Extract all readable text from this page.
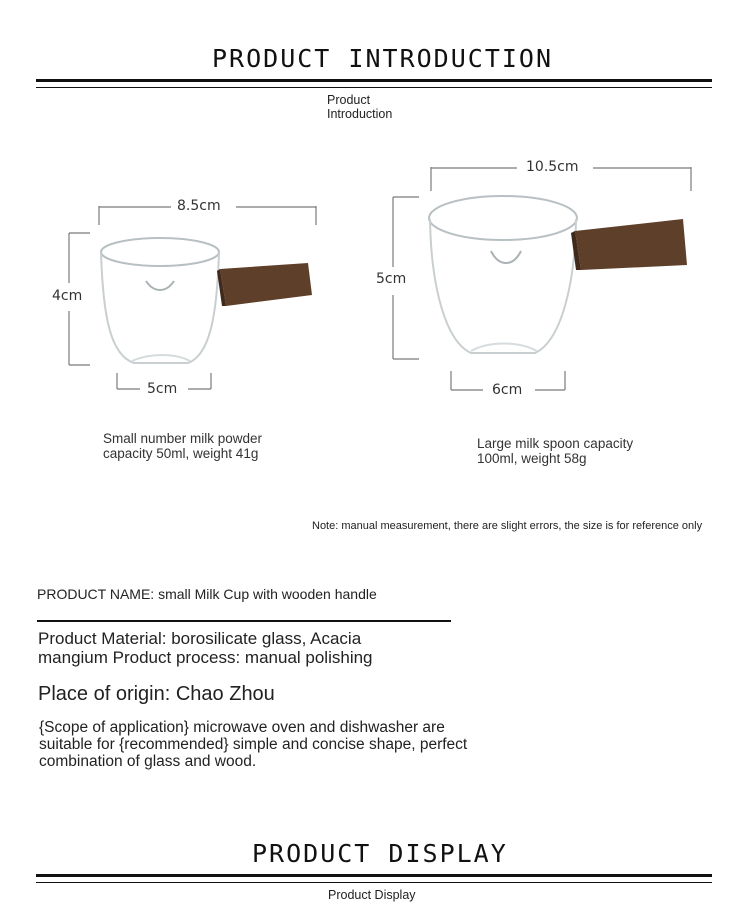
PRODUCT INTRODUCTION
Product
Introduction
8.5cm
4cm
5cm
10.5cm
5cm
6cm
Small number milk powder capacity 50ml, weight 41g
Large milk spoon capacity 100ml, weight 58g
Note: manual measurement, there are slight errors, the size is for reference only
PRODUCT NAME: small Milk Cup with wooden handle
Product Material: borosilicate glass, Acacia mangium Product process: manual polishing
Place of origin: Chao Zhou
{Scope of application} microwave oven and dishwasher are suitable for {recommended} simple and concise shape, perfect combination of glass and wood.
PRODUCT DISPLAY
Product Display
